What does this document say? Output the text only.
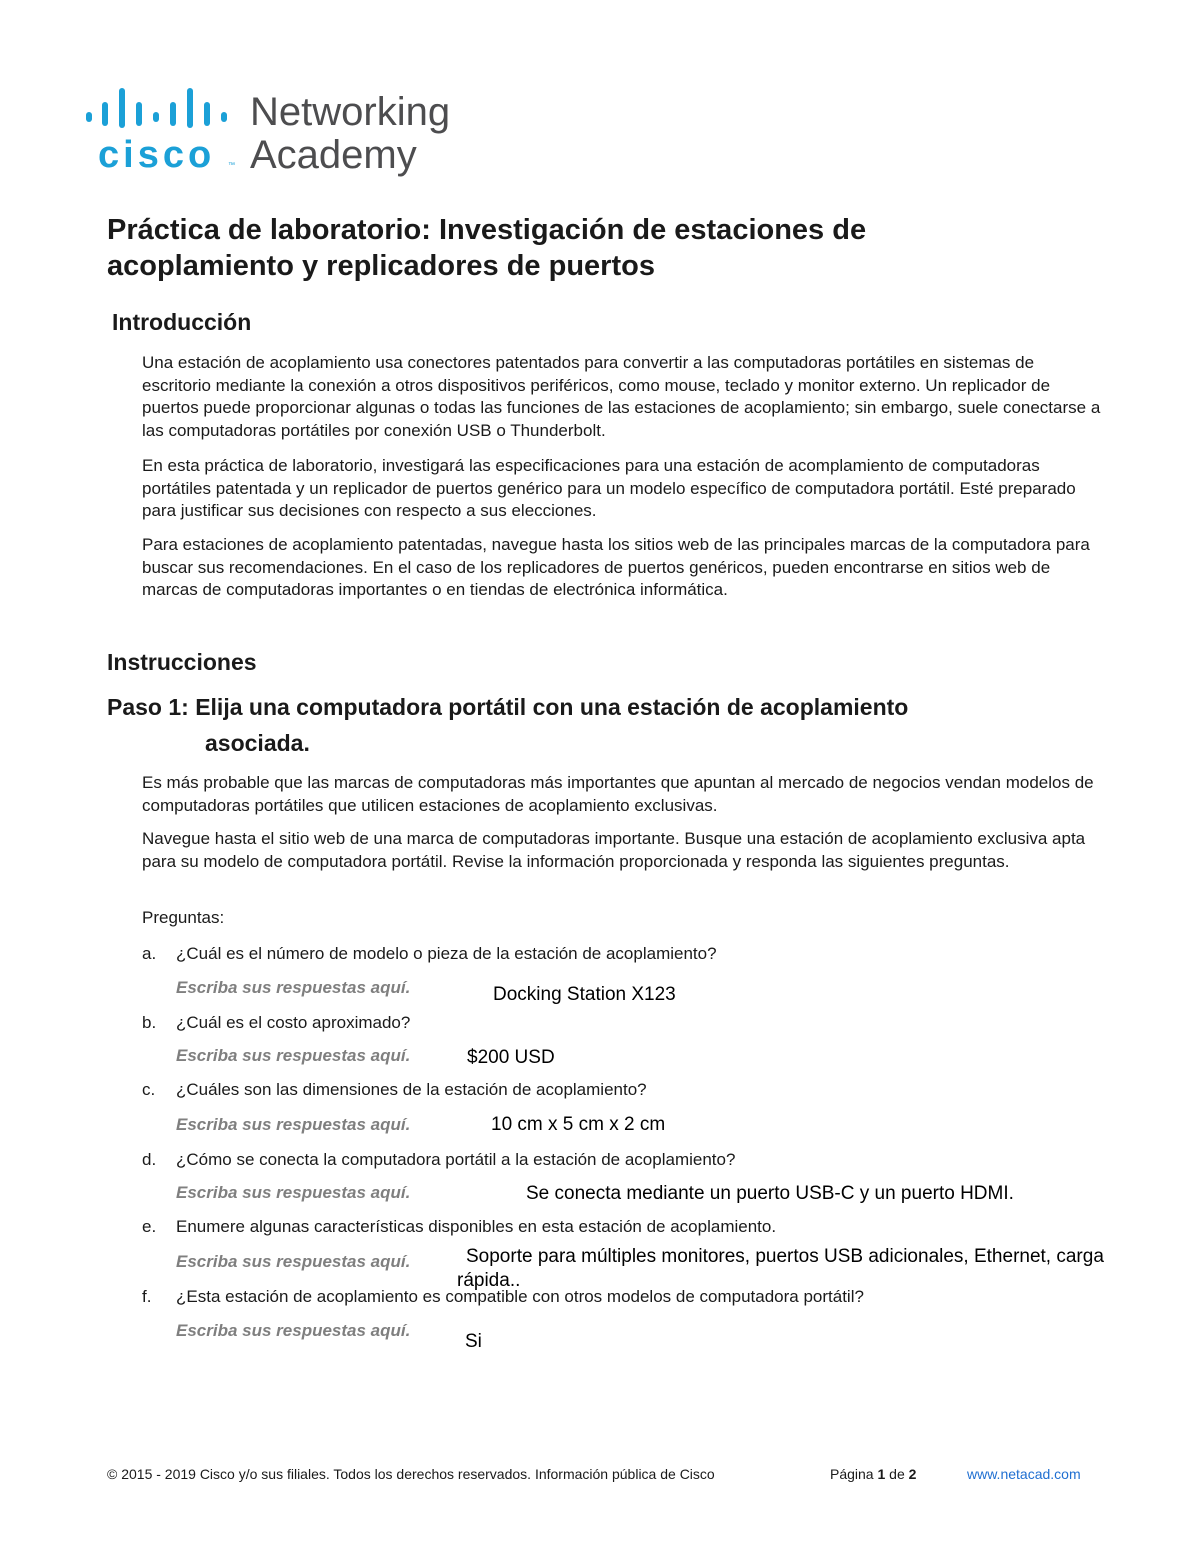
cisco ™
Networking
Academy
Práctica de laboratorio: Investigación de estaciones de acoplamiento y replicadores de puertos
Introducción

Una estación de acoplamiento usa conectores patentados para convertir a las computadoras portátiles en sistemas de escritorio mediante la conexión a otros dispositivos periféricos, como mouse, teclado y monitor externo. Un replicador de puertos puede proporcionar algunas o todas las funciones de las estaciones de acoplamiento; sin embargo, suele conectarse a las computadoras portátiles por conexión USB o Thunderbolt.

En esta práctica de laboratorio, investigará las especificaciones para una estación de acomplamiento de computadoras portátiles patentada y un replicador de puertos genérico para un modelo específico de computadora portátil. Esté preparado para justificar sus decisiones con respecto a sus elecciones.

Para estaciones de acoplamiento patentadas, navegue hasta los sitios web de las principales marcas de la computadora para buscar sus recomendaciones. En el caso de los replicadores de puertos genéricos, pueden encontrarse en sitios web de marcas de computadoras importantes o en tiendas de electrónica informática.

Instrucciones
Paso 1: Elija una computadora portátil con una estación de acoplamiento
asociada.

Es más probable que las marcas de computadoras más importantes que apuntan al mercado de negocios vendan modelos de computadoras portátiles que utilicen estaciones de acoplamiento exclusivas.

Navegue hasta el sitio web de una marca de computadoras importante. Busque una estación de acoplamiento exclusiva apta para su modelo de computadora portátil. Revise la información proporcionada y responda las siguientes preguntas.

Preguntas:

a. ¿Cuál es el número de modelo o pieza de la estación de acoplamiento?
Escriba sus respuestas aquí.	Docking Station X123
b. ¿Cuál es el costo aproximado?
Escriba sus respuestas aquí.	$200 USD
c. ¿Cuáles son las dimensiones de la estación de acoplamiento?
Escriba sus respuestas aquí.	10 cm x 5 cm x 2 cm
d. ¿Cómo se conecta la computadora portátil a la estación de acoplamiento?
Escriba sus respuestas aquí.	Se conecta mediante un puerto USB-C y un puerto HDMI.
e. Enumere algunas características disponibles en esta estación de acoplamiento.
Escriba sus respuestas aquí.	Soporte para múltiples monitores, puertos USB adicionales, Ethernet, carga
rápida..
f. ¿Esta estación de acoplamiento es compatible con otros modelos de computadora portátil?
Escriba sus respuestas aquí.
Si
© 2015 - 2019 Cisco y/o sus filiales. Todos los derechos reservados. Información pública de Cisco	Página 1 de 2	www.netacad.com
